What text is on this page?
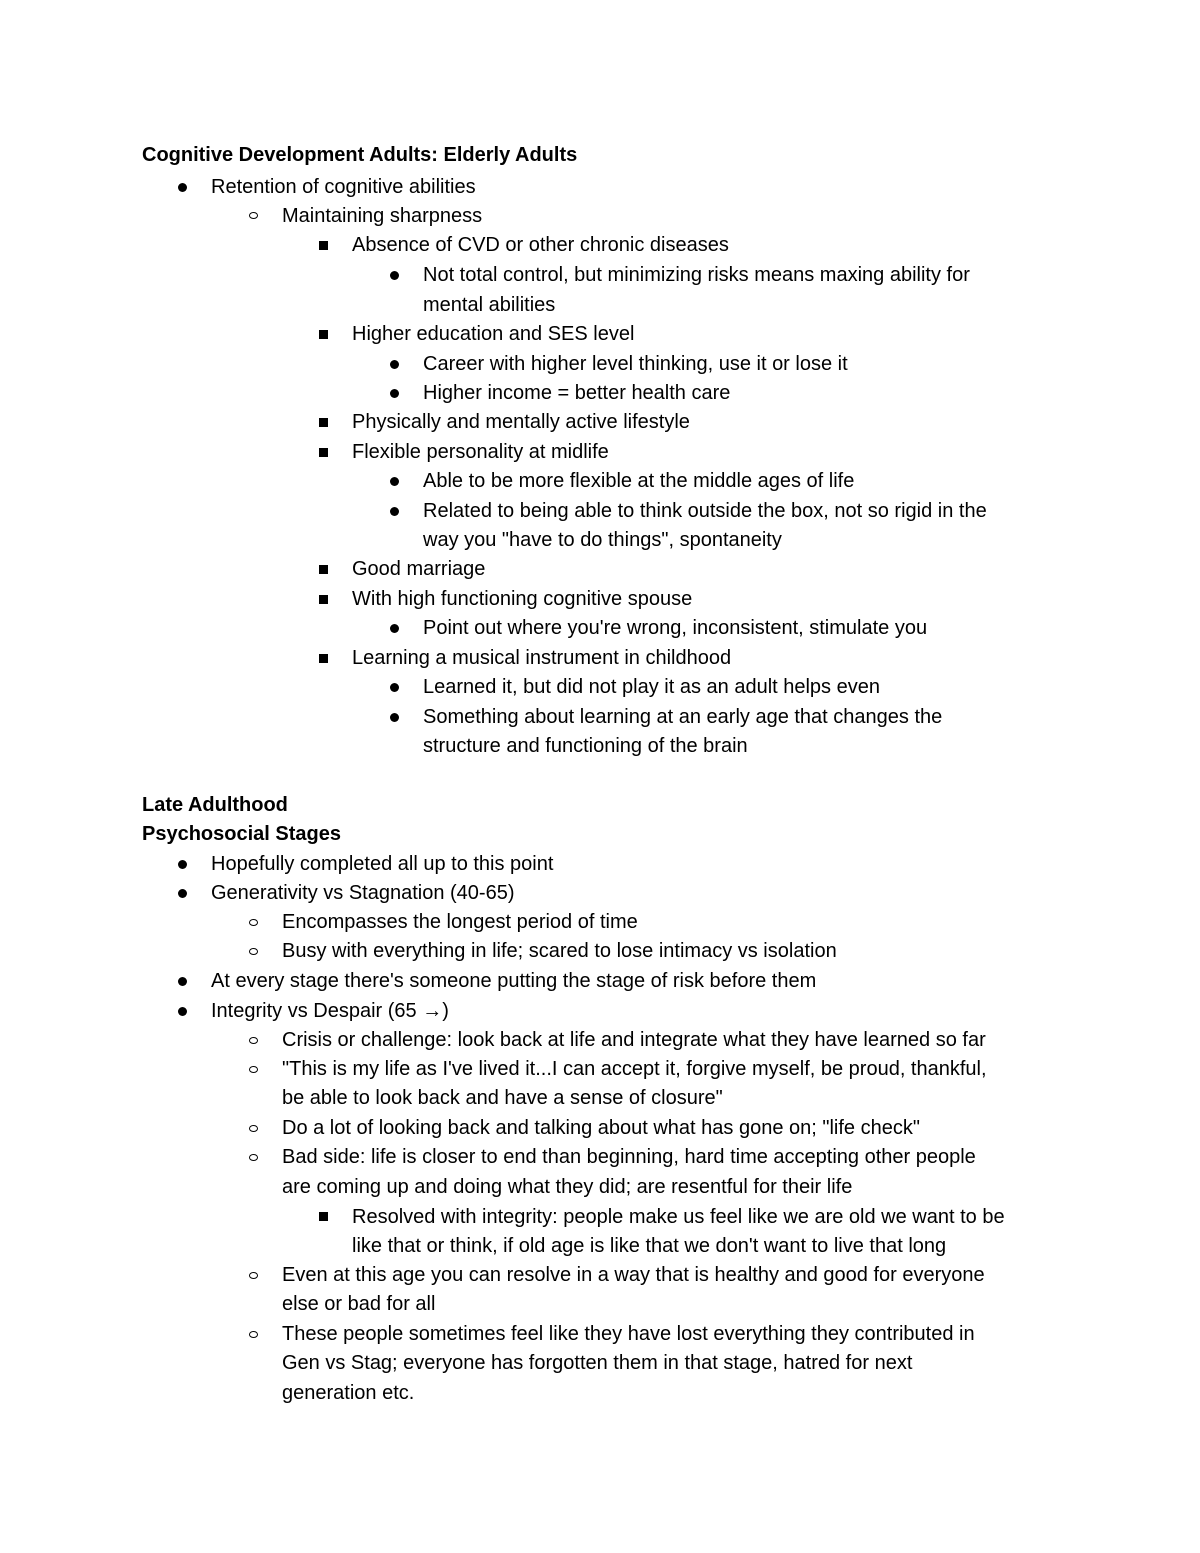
Cognitive Development Adults: Elderly Adults
Retention of cognitive abilities
Maintaining sharpness
Absence of CVD or other chronic diseases
Not total control, but minimizing risks means maxing ability for
mental abilities
Higher education and SES level
Career with higher level thinking, use it or lose it
Higher income = better health care
Physically and mentally active lifestyle
Flexible personality at midlife
Able to be more flexible at the middle ages of life
Related to being able to think outside the box, not so rigid in the
way you "have to do things", spontaneity
Good marriage
With high functioning cognitive spouse
Point out where you're wrong, inconsistent, stimulate you
Learning a musical instrument in childhood
Learned it, but did not play it as an adult helps even
Something about learning at an early age that changes the
structure and functioning of the brain
Late Adulthood
Psychosocial Stages
Hopefully completed all up to this point
Generativity vs Stagnation (40-65)
Encompasses the longest period of time
Busy with everything in life; scared to lose intimacy vs isolation
At every stage there's someone putting the stage of risk before them
Integrity vs Despair (65 →)
Crisis or challenge: look back at life and integrate what they have learned so far
"This is my life as I've lived it...I can accept it, forgive myself, be proud, thankful,
be able to look back and have a sense of closure"
Do a lot of looking back and talking about what has gone on; "life check"
Bad side: life is closer to end than beginning, hard time accepting other people
are coming up and doing what they did; are resentful for their life
Resolved with integrity: people make us feel like we are old we want to be
like that or think, if old age is like that we don't want to live that long
Even at this age you can resolve in a way that is healthy and good for everyone
else or bad for all
These people sometimes feel like they have lost everything they contributed in
Gen vs Stag; everyone has forgotten them in that stage, hatred for next
generation etc.
